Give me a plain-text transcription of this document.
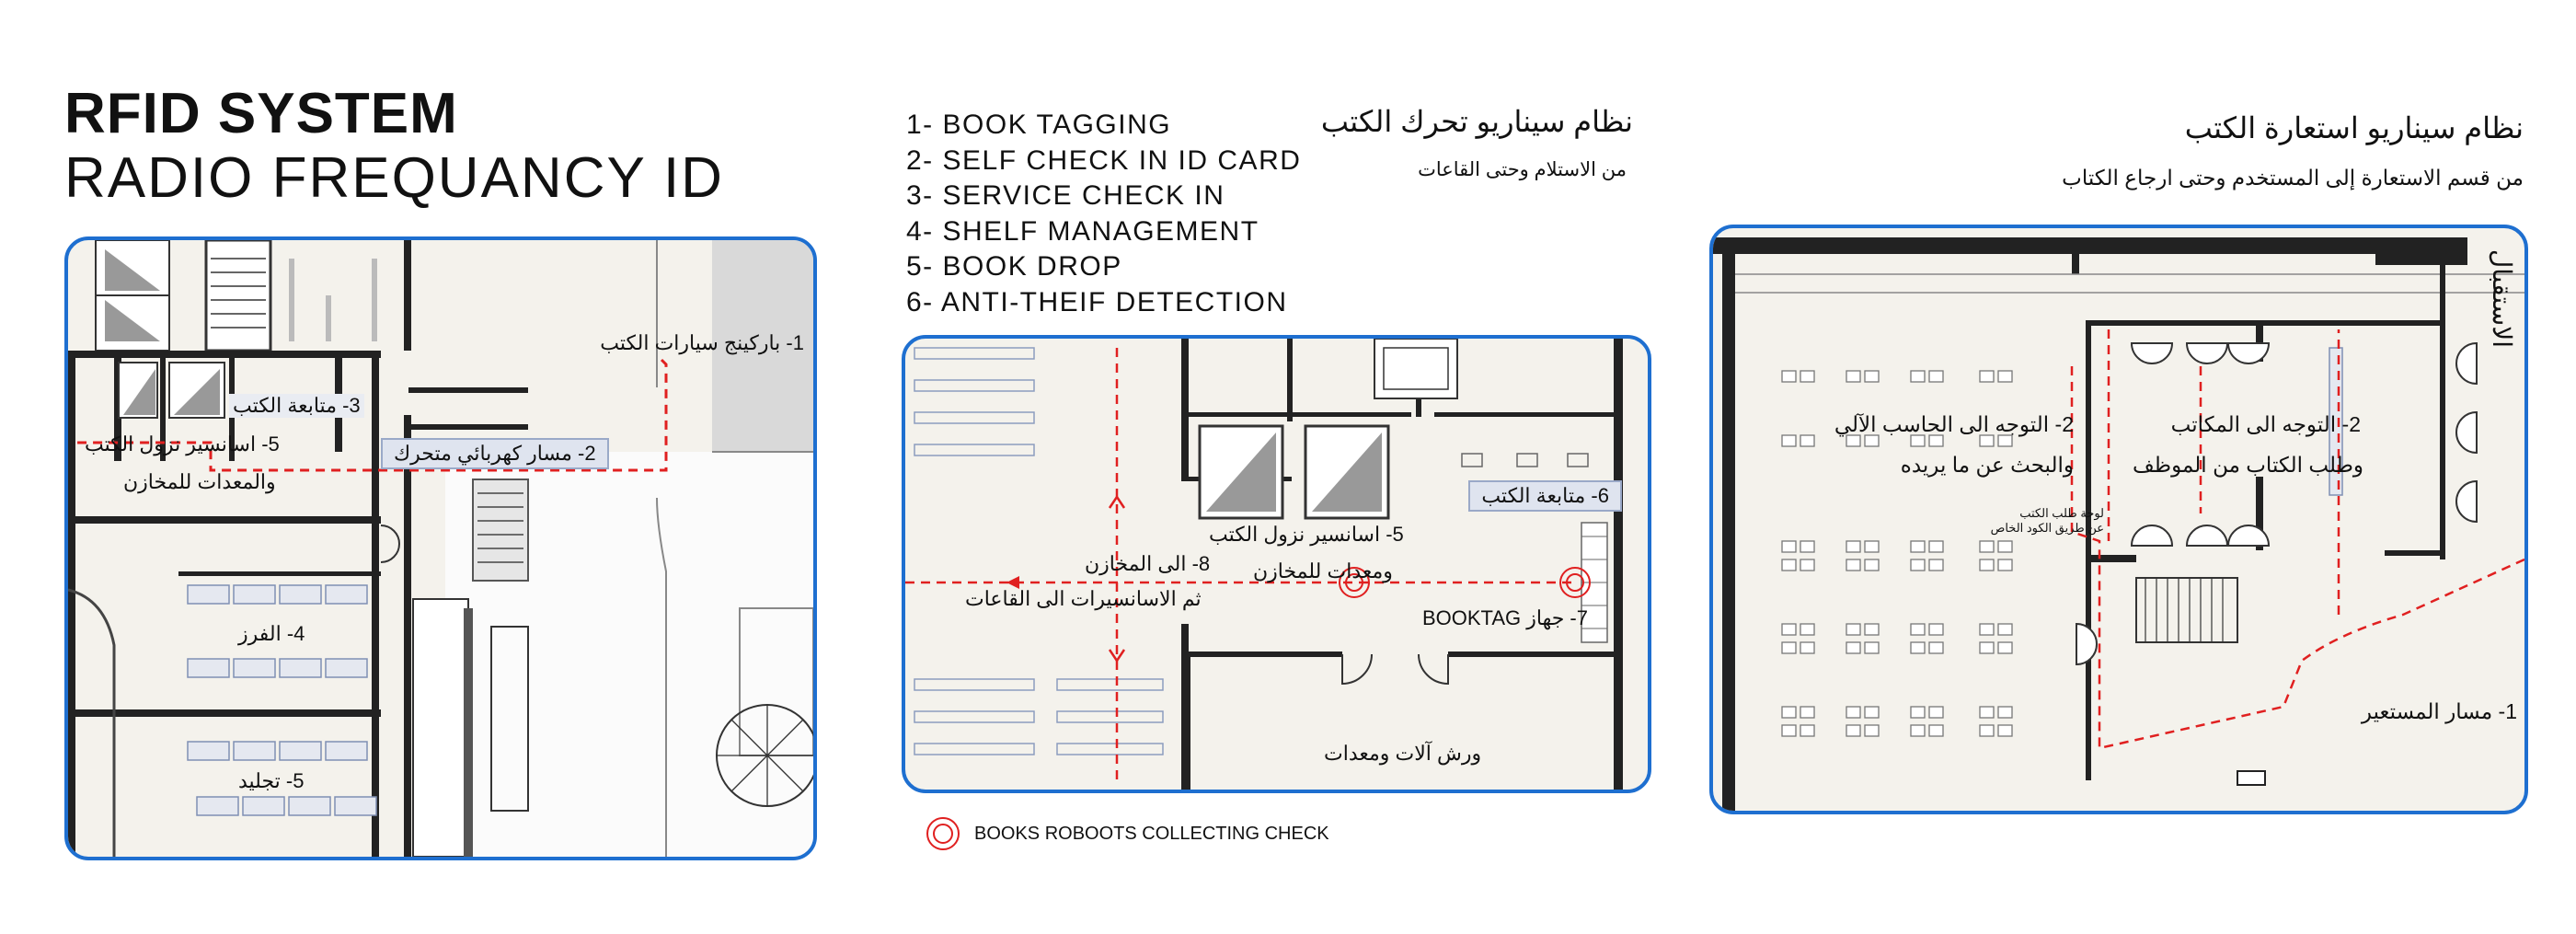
RFID SYSTEM
RADIO FREQUANCY ID
1- BOOK TAGGING
2- SELF CHECK IN ID CARD
3- SERVICE CHECK IN
4- SHELF MANAGEMENT
5- BOOK DROP
6- ANTI-THEIF DETECTION
نظام سيناريو تحرك الكتب
من الاستلام وحتى القاعات
نظام سيناريو استعارة الكتب
من قسم الاستعارة إلى المستخدم وحتى ارجاع الكتاب
1- باركينج سيارات الكتب
2- مسار كهربائي متحرك
3- متابعة الكتب
5- اسانسير نزول الكتب
والمعدات للمخازن
4- الفرز
5- تجليد
6- متابعة الكتب
5- اسانسير نزول الكتب
ومعدات للمخازن
8- الى المخازن
ثم الاسانسيرات الى القاعات
7- جهاز BOOKTAG
ورش آلات ومعدات
BOOKS ROBOOTS COLLECTING CHECK
الاستقبال
2- التوجه الى المكاتب
وطلب الكتاب من الموظف
2- التوجه الى الحاسب الآلي
والبحث عن ما يريده
لوحة طلب الكتب
عن طريق الكود الخاص
1- مسار المستعير
